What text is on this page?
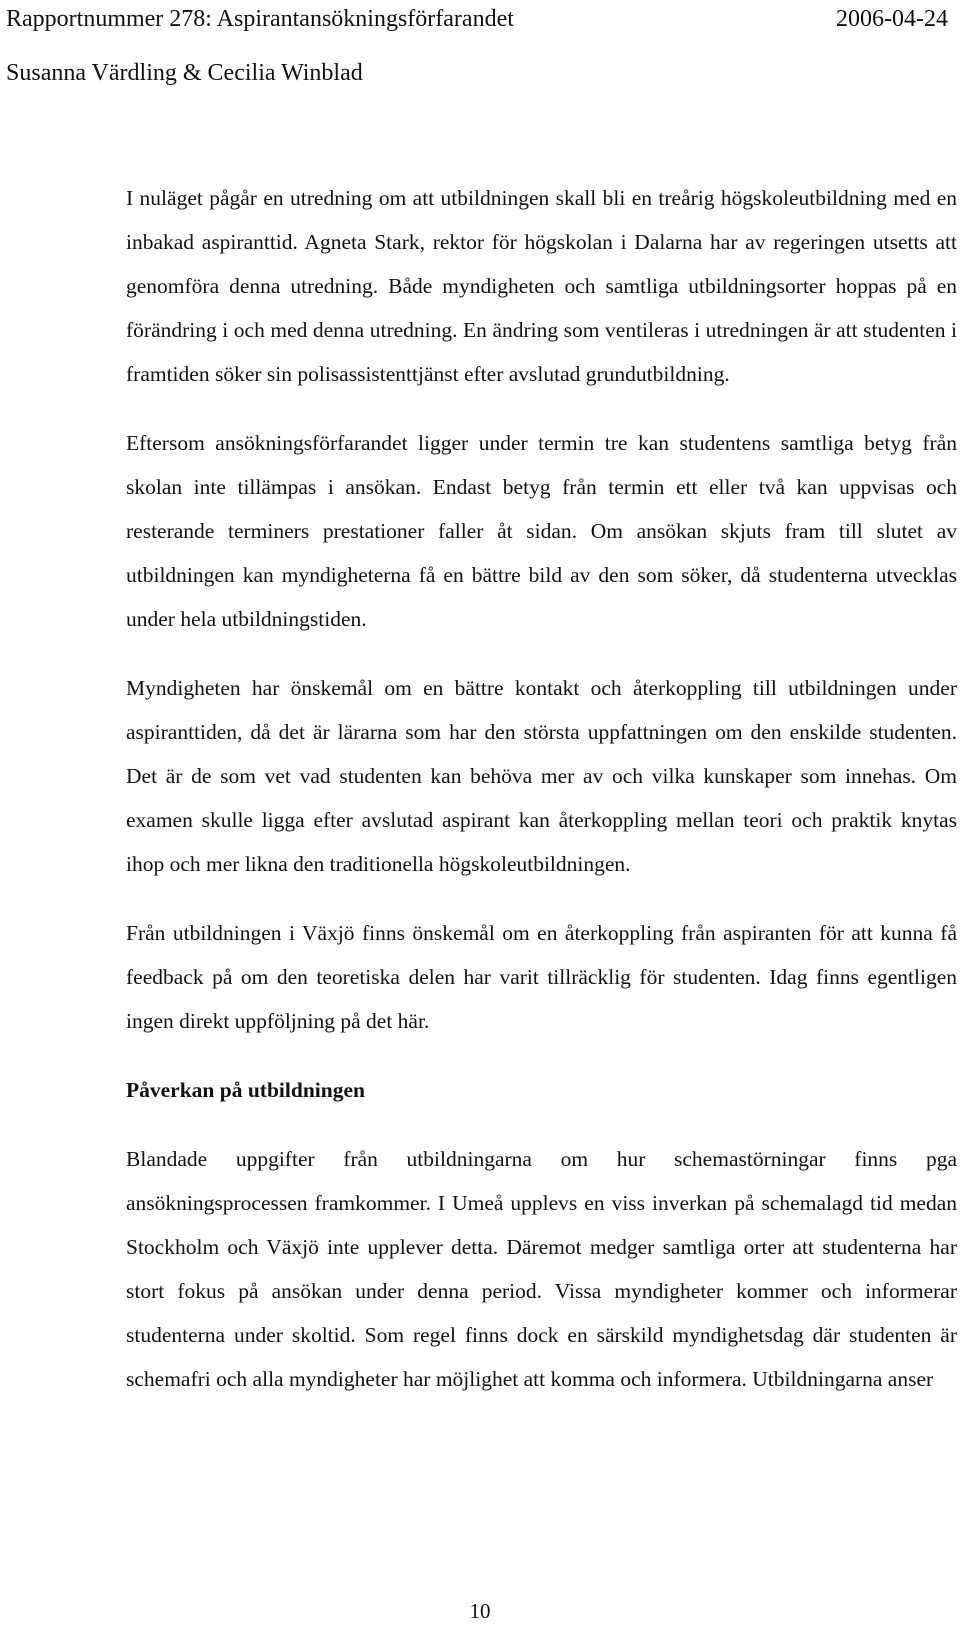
Rapportnummer 278: Aspirantansökningsförfarandet	2006-04-24
Susanna Värdling & Cecilia Winblad

I nuläget pågår en utredning om att utbildningen skall bli en treårig högskoleutbildning med en inbakad aspiranttid. Agneta Stark, rektor för högskolan i Dalarna har av regeringen utsetts att genomföra denna utredning. Både myndigheten och samtliga utbildningsorter hoppas på en förändring i och med denna utredning. En ändring som ventileras i utredningen är att studenten i framtiden söker sin polisassistenttjänst efter avslutad grundutbildning.

Eftersom ansökningsförfarandet ligger under termin tre kan studentens samtliga betyg från skolan inte tillämpas i ansökan. Endast betyg från termin ett eller två kan uppvisas och resterande terminers prestationer faller åt sidan. Om ansökan skjuts fram till slutet av utbildningen kan myndigheterna få en bättre bild av den som söker, då studenterna utvecklas under hela utbildningstiden.

Myndigheten har önskemål om en bättre kontakt och återkoppling till utbildningen under aspiranttiden, då det är lärarna som har den största uppfattningen om den enskilde studenten. Det är de som vet vad studenten kan behöva mer av och vilka kunskaper som innehas. Om examen skulle ligga efter avslutad aspirant kan återkoppling mellan teori och praktik knytas ihop och mer likna den traditionella högskoleutbildningen.

Från utbildningen i Växjö finns önskemål om en återkoppling från aspiranten för att kunna få feedback på om den teoretiska delen har varit tillräcklig för studenten. Idag finns egentligen ingen direkt uppföljning på det här.

Påverkan på utbildningen

Blandade uppgifter från utbildningarna om hur schemastörningar finns pga ansökningsprocessen framkommer. I Umeå upplevs en viss inverkan på schemalagd tid medan Stockholm och Växjö inte upplever detta. Däremot medger samtliga orter att studenterna har stort fokus på ansökan under denna period. Vissa myndigheter kommer och informerar studenterna under skoltid. Som regel finns dock en särskild myndighetsdag där studenten är schemafri och alla myndigheter har möjlighet att komma och informera. Utbildningarna anser

10
